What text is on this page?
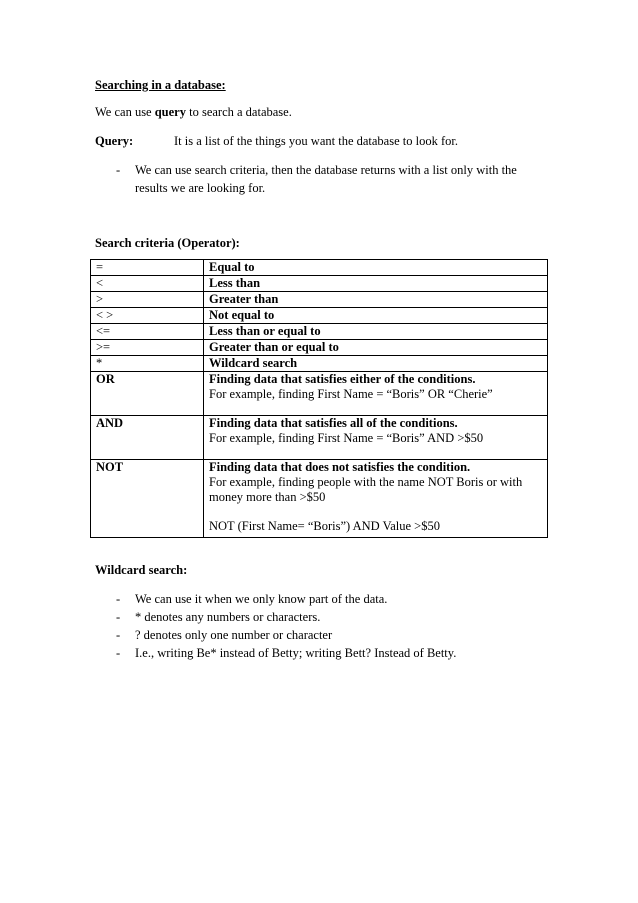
Searching in a database:
We can use query to search a database.
Query:	It is a list of the things you want the database to look for.
- We can use search criteria, then the database returns with a list only with the results we are looking for.
Search criteria (Operator):
=	Equal to
<	Less than
>	Greater than
< >	Not equal to
<=	Less than or equal to
>=	Greater than or equal to
*	Wildcard search
OR	Finding data that satisfies either of the conditions.
For example, finding First Name = “Boris” OR “Cherie”
AND	Finding data that satisfies all of the conditions.
For example, finding First Name = “Boris” AND >$50
NOT	Finding data that does not satisfies the condition.
For example, finding people with the name NOT Boris or with money more than >$50
NOT (First Name= “Boris”) AND Value >$50
Wildcard search:
- We can use it when we only know part of the data.
- * denotes any numbers or characters.
- ? denotes only one number or character
- I.e., writing Be* instead of Betty; writing Bett? Instead of Betty.
